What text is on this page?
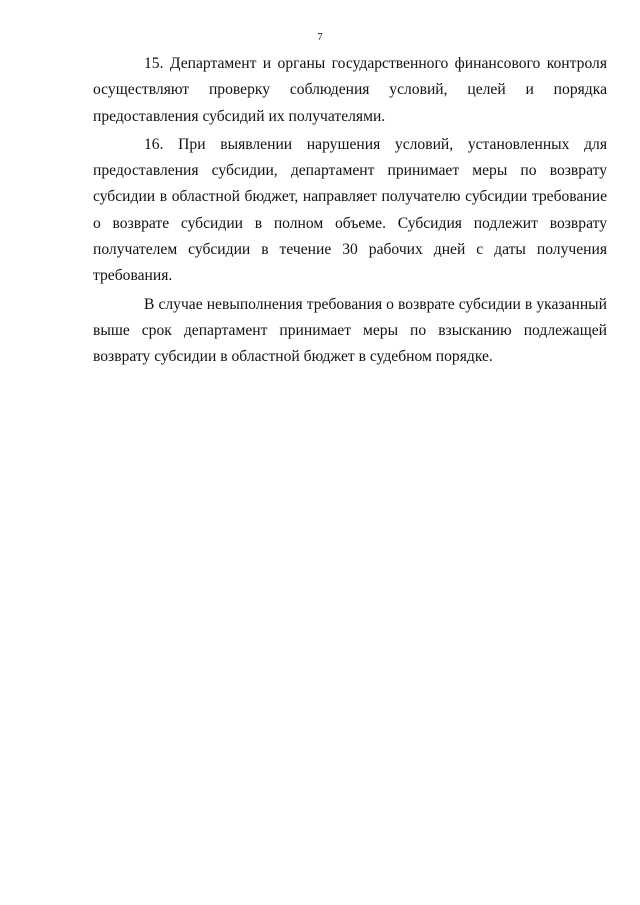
7

15. Департамент и органы государственного финансового контроля осуществляют проверку соблюдения условий, целей и порядка предоставления субсидий их получателями.

16. При выявлении нарушения условий, установленных для предоставления субсидии, департамент принимает меры по возврату субсидии в областной бюджет, направляет получателю субсидии требование о возврате субсидии в полном объеме. Субсидия подлежит возврату получателем субсидии в течение 30 рабочих дней с даты получения требования.

В случае невыполнения требования о возврате субсидии в указанный выше срок департамент принимает меры по взысканию подлежащей возврату субсидии в областной бюджет в судебном порядке.
